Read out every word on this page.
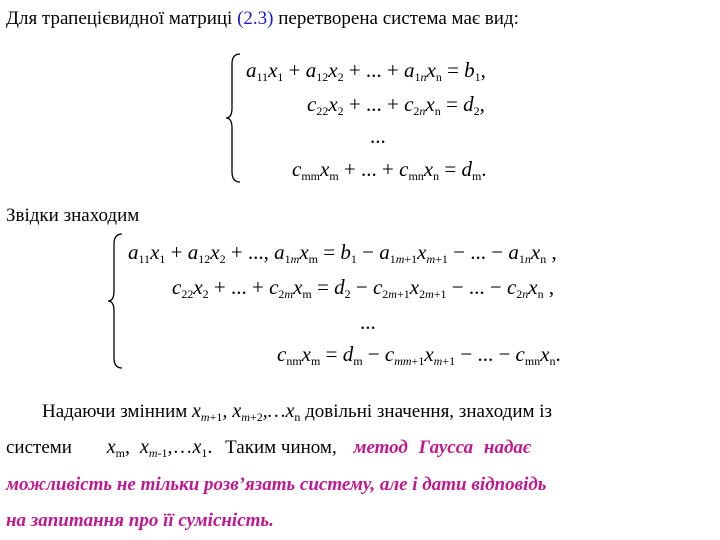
Для трапецієвидної матриці (2.3) перетворена система має вид:
$a_{11}x_1 + a_{12}x_2$ + ... + $a_{1n}x_n = b_1$,
$c_{22}x_2$ + ... + $c_{2n}x_n = d_2$,
...
$c_{mm}x_m$ + ... + $c_{mn}x_n = d_m$.
Звідки знаходим
$a_{11}x_1 + a_{12}x_2$ + ..., $a_{1m}x_m = b_1 - a_{1m+1}x_{m+1}$ − ... − $a_{1n}x_n$ ,
$c_{22}x_2$ + ... + $c_{2m}x_m = d_2 - c_{2m+1}x_{2m+1}$ − ... − $c_{2n}x_n$ ,
...
$c_{nm}x_m = d_m - c_{mm+1}x_{m+1}$ − ... − $c_{mn}x_n$.
Надаючи змінним $x_{m+1}$, $x_{m+2},\dots x_n$ довільні значення, знаходим із
системи $x_m$,  $x_{m-1},\dots x_1$. Таким чином, метод Гаусса надає
можливість не тільки розв’язать систему, але і дати відповідь
на запитання про її сумісність.
